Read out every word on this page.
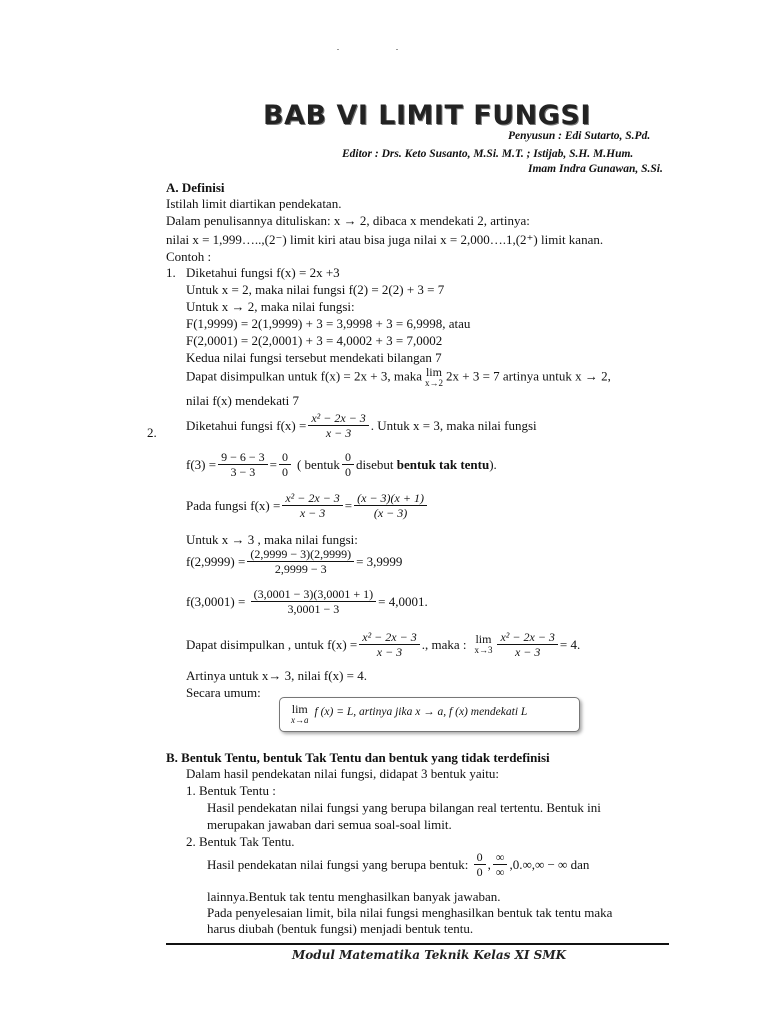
BAB VI LIMIT FUNGSI
Penyusun : Edi Sutarto, S.Pd.
Editor : Drs. Keto Susanto, M.Si. M.T. ; Istijab, S.H. M.Hum.
Imam Indra Gunawan, S.Si.
A. Definisi
Istilah limit diartikan pendekatan.
Dalam penulisannya dituliskan: x → 2, dibaca x mendekati 2, artinya:
nilai x = 1,999…..,(2⁻) limit kiri atau bisa juga nilai x = 2,000….1,(2⁺) limit kanan.
Contoh :
1. Diketahui fungsi f(x) = 2x +3
Untuk x = 2, maka nilai fungsi f(2) = 2(2) + 3 = 7
Untuk x → 2, maka nilai fungsi:
F(1,9999) = 2(1,9999) + 3 = 3,9998 + 3 = 6,9998, atau
F(2,0001) = 2(2,0001) + 3 = 4,0002 + 3 = 7,0002
Kedua nilai fungsi tersebut mendekati bilangan 7
Dapat disimpulkan untuk f(x) = 2x + 3, maka lim
x→2 2x + 3 = 7 artinya untuk x → 2,
nilai f(x) mendekati 7
2. Diketahui fungsi $f(x) = \frac{\text{x² − 2x − 3}}{x - 3}$ . Untuk x = 3, maka nilai fungsi
$f(3) = \frac{9 - 6 - 3}{3 - 3} = \frac{0}{0}$ ( bentuk $\frac{0}{0}$ disebut
bentuk tak tentu ).
Pada fungsi $f(x) = \frac{\text{x² − 2x − 3}}{x - 3} = \frac{(x - 3)(x + 1)}{(x - 3)}$
Untuk x → 3 , maka nilai fungsi:
$f(2,9999) = \frac{(2,9999 - 3)(2,9999)}{2,9999 - 3} = 3,9999$
f(3,0001) =
$\frac{(3,0001 - 3)(3,0001 + 1)}{3,0001 - 3} = 4,0001$.
Dapat disimpulkan , untuk $f(x) = \frac{\text{x² − 2x − 3}}{x - 3}$ ., maka : lim
$x\to 3 \frac{\text{x² − 2x − 3}}{x - 3} = 4$.
Artinya untuk x→ 3, nilai f(x) = 4.
Secara umum:
lim
x→a
f (x) = L, artinya jika x → a, f (x) mendekati L
B. Bentuk Tentu, bentuk Tak Tentu dan bentuk yang tidak terdefinisi
Dalam hasil pendekatan nilai fungsi, didapat 3 bentuk yaitu:
1. Bentuk Tentu :
Hasil pendekatan nilai fungsi yang berupa bilangan real tertentu. Bentuk ini
merupakan jawaban dari semua soal-soal limit.
2. Bentuk Tak Tentu.
Hasil pendekatan nilai fungsi yang berupa bentuk:
$\frac{0}{0}$ , $\frac{\infty}{\infty} ,0.\infty,\infty$ − ∞ dan
lainnya.Bentuk tak tentu menghasilkan banyak jawaban.
Pada penyelesaian limit, bila nilai fungsi menghasilkan bentuk tak tentu maka
harus diubah (bentuk fungsi) menjadi bentuk tentu.
Modul Matematika Teknik Kelas XI SMK
